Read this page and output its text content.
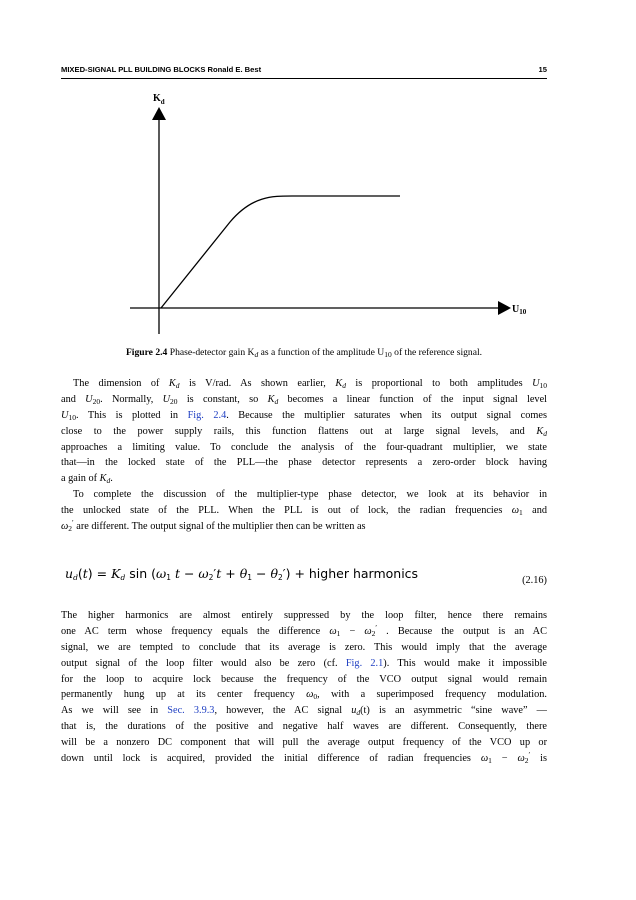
MIXED-SIGNAL PLL BUILDING BLOCKS Ronald E. Best	15
$K_d$
$U_{10}$
Figure 2.4 Phase-detector gain $K_d$ as a function of the amplitude $U_{10}$ of the reference signal.
The dimension of $K_d$ is V/rad. As shown earlier, $K_d$ is proportional to both amplitudes $U_{10}$
and $U_{20}$. Normally, $U_{20}$ is constant, so $K_d$ becomes a linear function of the input signal level
$U_{10}$. This is plotted in Fig. 2.4. Because the multiplier saturates when its output signal comes
close to the power supply rails, this function flattens out at large signal levels, and $K_d$
approaches a limiting value. To conclude the analysis of the four-quadrant multiplier, we state
that—in the locked state of the PLL—the phase detector represents a zero-order block having
a gain of $K_d$.
To complete the discussion of the multiplier-type phase detector, we look at its behavior in
the unlocked state of the PLL. When the PLL is out of lock, the radian frequencies $\omega_1$ and
$\omega_2'$ are different. The output signal of the multiplier then can be written as
$u_d(t) = K_d$ $\sin (\omega_1$ $t - \omega_2't + \theta_1 - \theta_2'$) + higher harmonics	(2.16)
The higher harmonics are almost entirely suppressed by the loop filter, hence there remains
one AC term whose frequency equals the difference $\omega_1 - \omega_2'$ . Because the output is an AC
signal, we are tempted to conclude that its average is zero. This would imply that the average
output signal of the loop filter would also be zero (cf. Fig. 2.1). This would make it impossible
for the loop to acquire lock because the frequency of the VCO output signal would remain
permanently hung up at its center frequency $\omega_0$, with a superimposed frequency modulation.
As we will see in Sec. 3.9.3, however, the AC signal $u_d(t)$ is an asymmetric “sine wave” —
that is, the durations of the positive and negative half waves are different. Consequently, there
will be a nonzero DC component that will pull the average output frequency of the VCO up or
down until lock is acquired, provided the initial difference of radian frequencies $\omega_1 - \omega_2'$ is
